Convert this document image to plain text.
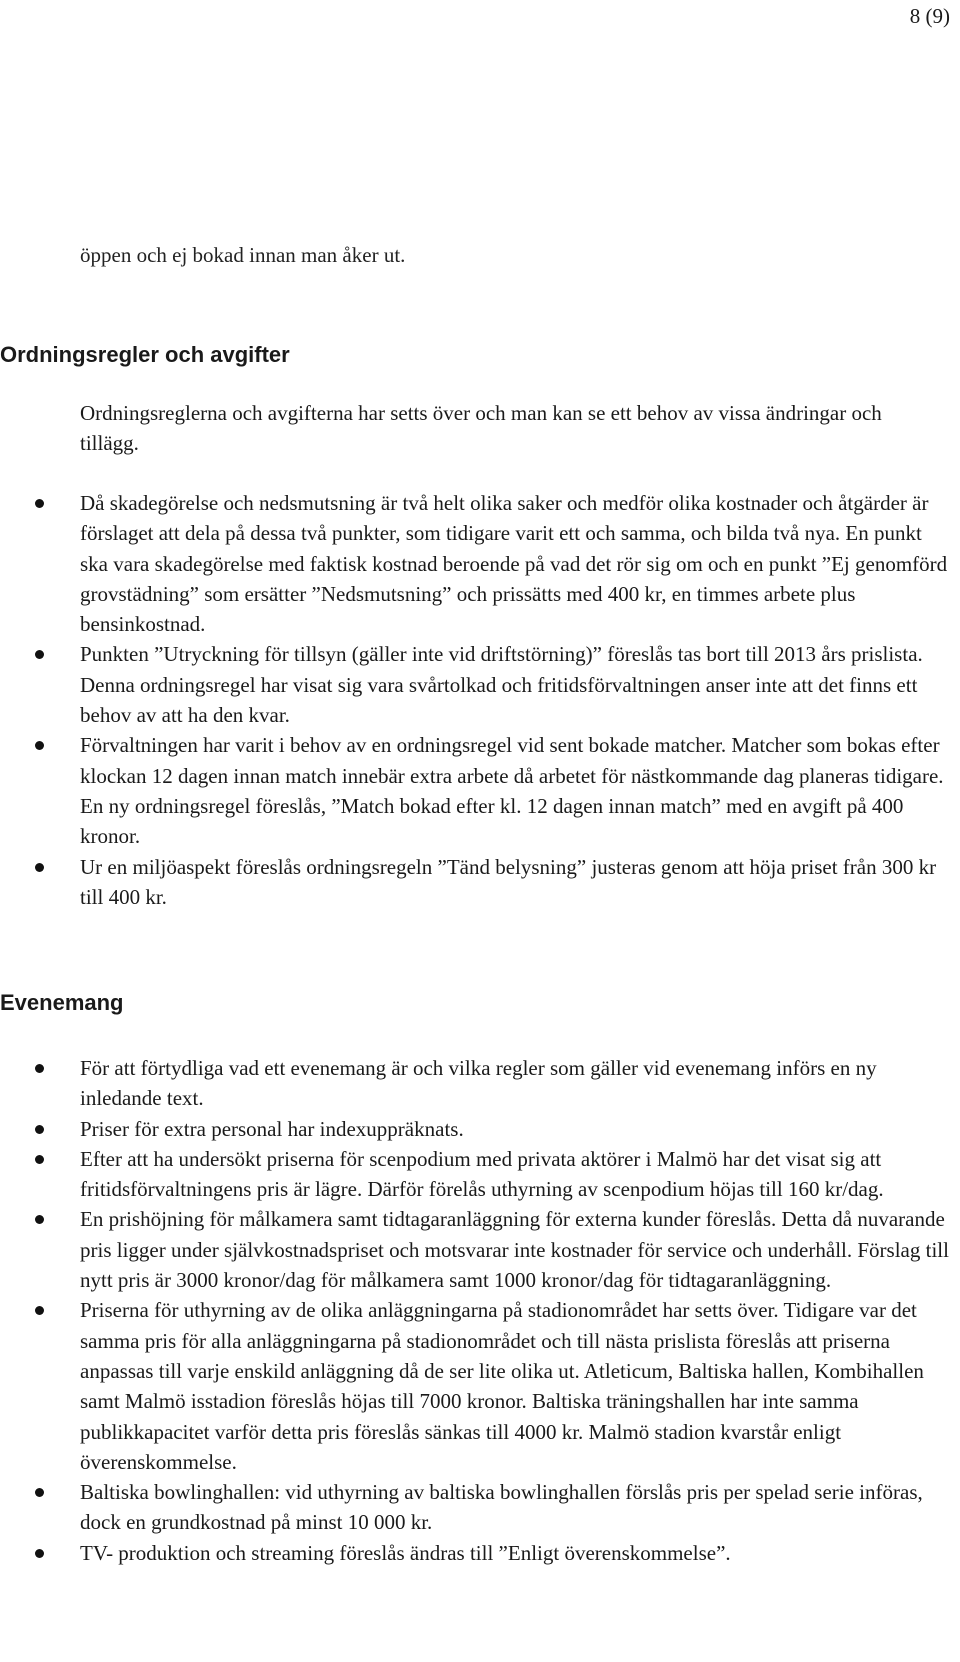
8 (9)

öppen och ej bokad innan man åker ut.

Ordningsregler och avgifter

Ordningsreglerna och avgifterna har setts över och man kan se ett behov av vissa ändringar och tillägg.

Då skadegörelse och nedsmutsning är två helt olika saker och medför olika kostnader och åtgärder är förslaget att dela på dessa två punkter, som tidigare varit ett och samma, och bilda två nya. En punkt ska vara skadegörelse med faktisk kostnad beroende på vad det rör sig om och en punkt ”Ej genomförd grovstädning” som ersätter ”Nedsmutsning” och prissätts med 400 kr, en timmes arbete plus bensinkostnad.
Punkten ”Utryckning för tillsyn (gäller inte vid driftstörning)” föreslås tas bort till 2013 års prislista. Denna ordningsregel har visat sig vara svårtolkad och fritidsförvaltningen anser inte att det finns ett behov av att ha den kvar.
Förvaltningen har varit i behov av en ordningsregel vid sent bokade matcher. Matcher som bokas efter klockan 12 dagen innan match innebär extra arbete då arbetet för nästkommande dag planeras tidigare. En ny ordningsregel föreslås, ”Match bokad efter kl. 12 dagen innan match” med en avgift på 400 kronor.
Ur en miljöaspekt föreslås ordningsregeln ”Tänd belysning” justeras genom att höja priset från 300 kr till 400 kr.
Evenemang
För att förtydliga vad ett evenemang är och vilka regler som gäller vid evenemang införs en ny inledande text.
Priser för extra personal har indexuppräknats.
Efter att ha undersökt priserna för scenpodium med privata aktörer i Malmö har det visat sig att fritidsförvaltningens pris är lägre. Därför förelås uthyrning av scenpodium höjas till 160 kr/dag.
En prishöjning för målkamera samt tidtagaranläggning för externa kunder föreslås. Detta då nuvarande pris ligger under självkostnadspriset och motsvarar inte kostnader för service och underhåll. Förslag till nytt pris är 3000 kronor/dag för målkamera samt 1000 kronor/dag för tidtagaranläggning.
Priserna för uthyrning av de olika anläggningarna på stadionområdet har setts över. Tidigare var det samma pris för alla anläggningarna på stadionområdet och till nästa prislista föreslås att priserna anpassas till varje enskild anläggning då de ser lite olika ut. Atleticum, Baltiska hallen, Kombihallen samt Malmö isstadion föreslås höjas till 7000 kronor. Baltiska träningshallen har inte samma publikkapacitet varför detta pris föreslås sänkas till 4000 kr. Malmö stadion kvarstår enligt överenskommelse.
Baltiska bowlinghallen: vid uthyrning av baltiska bowlinghallen förslås pris per spelad serie införas, dock en grundkostnad på minst 10 000 kr.
TV- produktion och streaming föreslås ändras till ”Enligt överenskommelse”.
